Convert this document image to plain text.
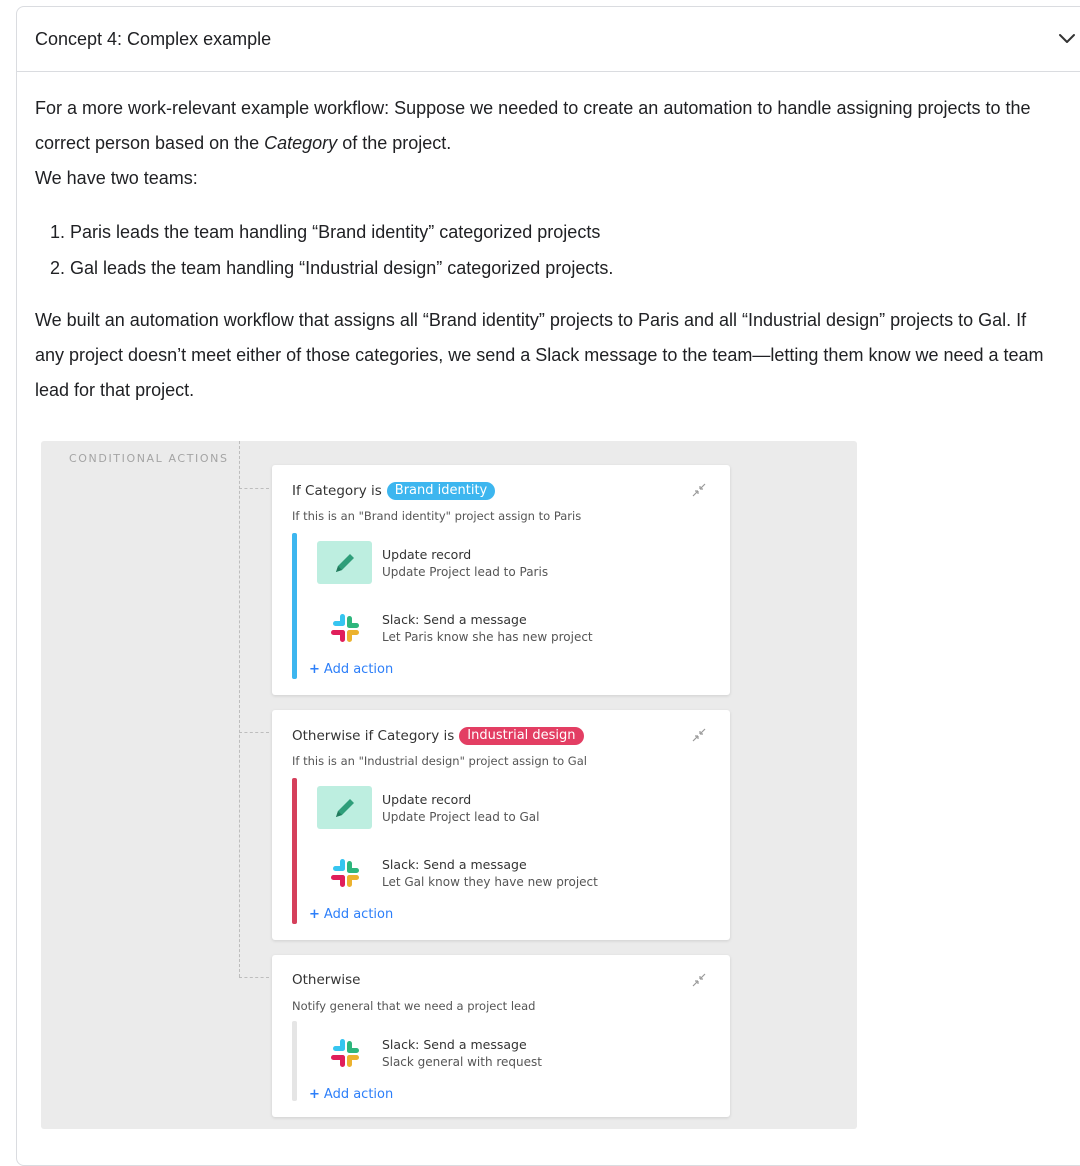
Concept 4: Complex example

For a more work-relevant example workflow: Suppose we needed to create an automation to handle assigning projects to the

correct person based on the Category of the project.

We have two teams:

1. Paris leads the team handling “Brand identity” categorized projects
2. Gal leads the team handling “Industrial design” categorized projects.

We built an automation workflow that assigns all “Brand identity” projects to Paris and all “Industrial design” projects to Gal. If

any project doesn’t meet either of those categories, we send a Slack message to the team—letting them know we need a team

lead for that project.

CONDITIONAL ACTIONS
If Category is	Brand identity
If this is an "Brand identity" project assign to Paris
Update record
Update Project lead to Paris
Slack: Send a message
Let Paris know she has new project
+ Add action
Otherwise if Category is	Industrial design
If this is an "Industrial design" project assign to Gal
Update record
Update Project lead to Gal
Slack: Send a message
Let Gal know they have new project
+ Add action
Otherwise
Notify general that we need a project lead
Slack: Send a message
Slack general with request
+ Add action
